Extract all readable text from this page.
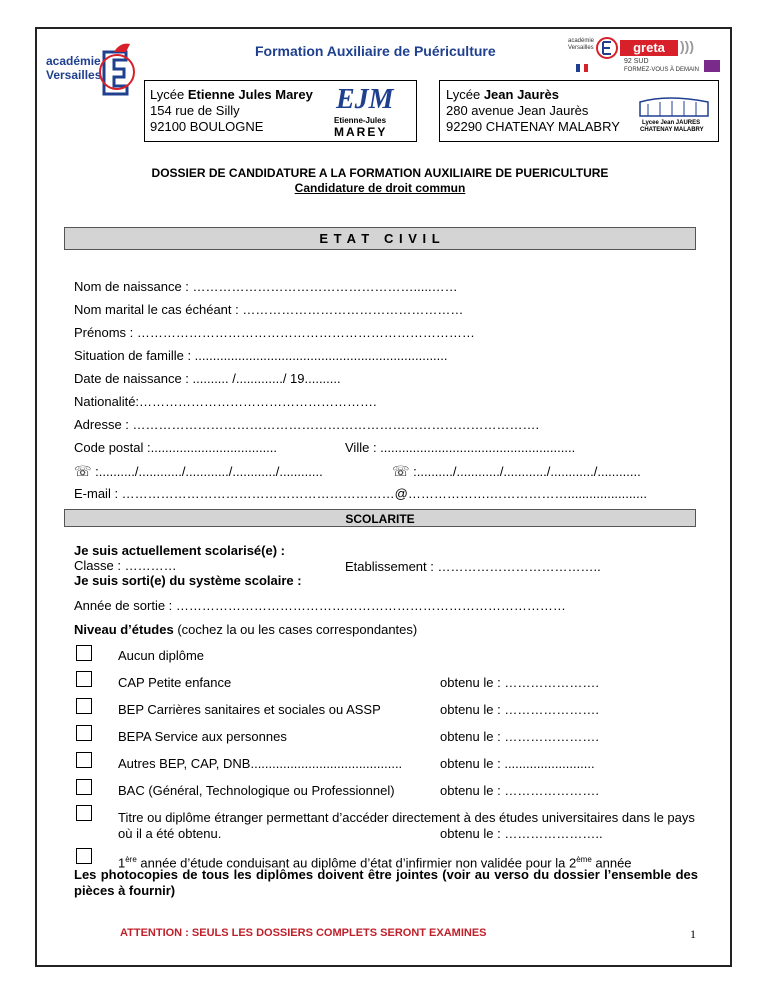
académie
Versailles
Formation Auxiliaire de Puériculture
académie Versailles	greta	)))
92 SUD
FORMEZ-VOUS À DEMAIN
Lycée Etienne Jules Marey
154 rue de Silly
92100 BOULOGNE
EJM
Etienne-Jules
MAREY
Lycée Jean Jaurès
280 avenue Jean Jaurès
92290 CHATENAY MALABRY	Lycee Jean JAURES
CHATENAY MALABRY
DOSSIER DE CANDIDATURE A LA FORMATION AUXILIAIRE DE PUERICULTURE
Candidature de droit commun
E T A T   C I V I L
Nom de naissance : …………………………………………….....……
Nom marital le cas échéant : ……………………………………………
Prénoms : ……………………………………………………………………
Situation de famille : ......................................................................
Date de naissance : .......... /............./ 19..........
Nationalité:……………………………………………….
Adresse : ………………………………………………………………………………….
Code postal :...................................	Ville : ......................................................
☏ :........../............/............/............/............	☏ :........../............/............/............/............
E-mail : ………………………………………………………@……………….………………......................
SCOLARITE
Je suis actuellement scolarisé(e) :
Classe : …………	Etablissement : ………………………………..
Je suis sorti(e) du système scolaire :
Année de sortie : ………………………………………………………………………………
Niveau d’études (cochez la ou les cases correspondantes)
Aucun diplôme
CAP Petite enfance	obtenu le : ………………….
BEP Carrières sanitaires et sociales ou ASSP	obtenu le : ………………….
BEPA Service aux personnes	obtenu le : ………………….
Autres BEP, CAP, DNB..........................................	obtenu le : .........................
BAC (Général, Technologique ou Professionnel)	obtenu le : ………………….
Titre ou diplôme étranger permettant d’accéder directement à des études universitaires dans le pays
où il a été obtenu.	obtenu le : …………………..
1ère année d’étude conduisant au diplôme d’état d’infirmier non validée pour la 2ème année
Les photocopies de tous les diplômes doivent être jointes (voir au verso du dossier l’ensemble des pièces à fournir)
ATTENTION : SEULS LES DOSSIERS COMPLETS SERONT EXAMINES	1
